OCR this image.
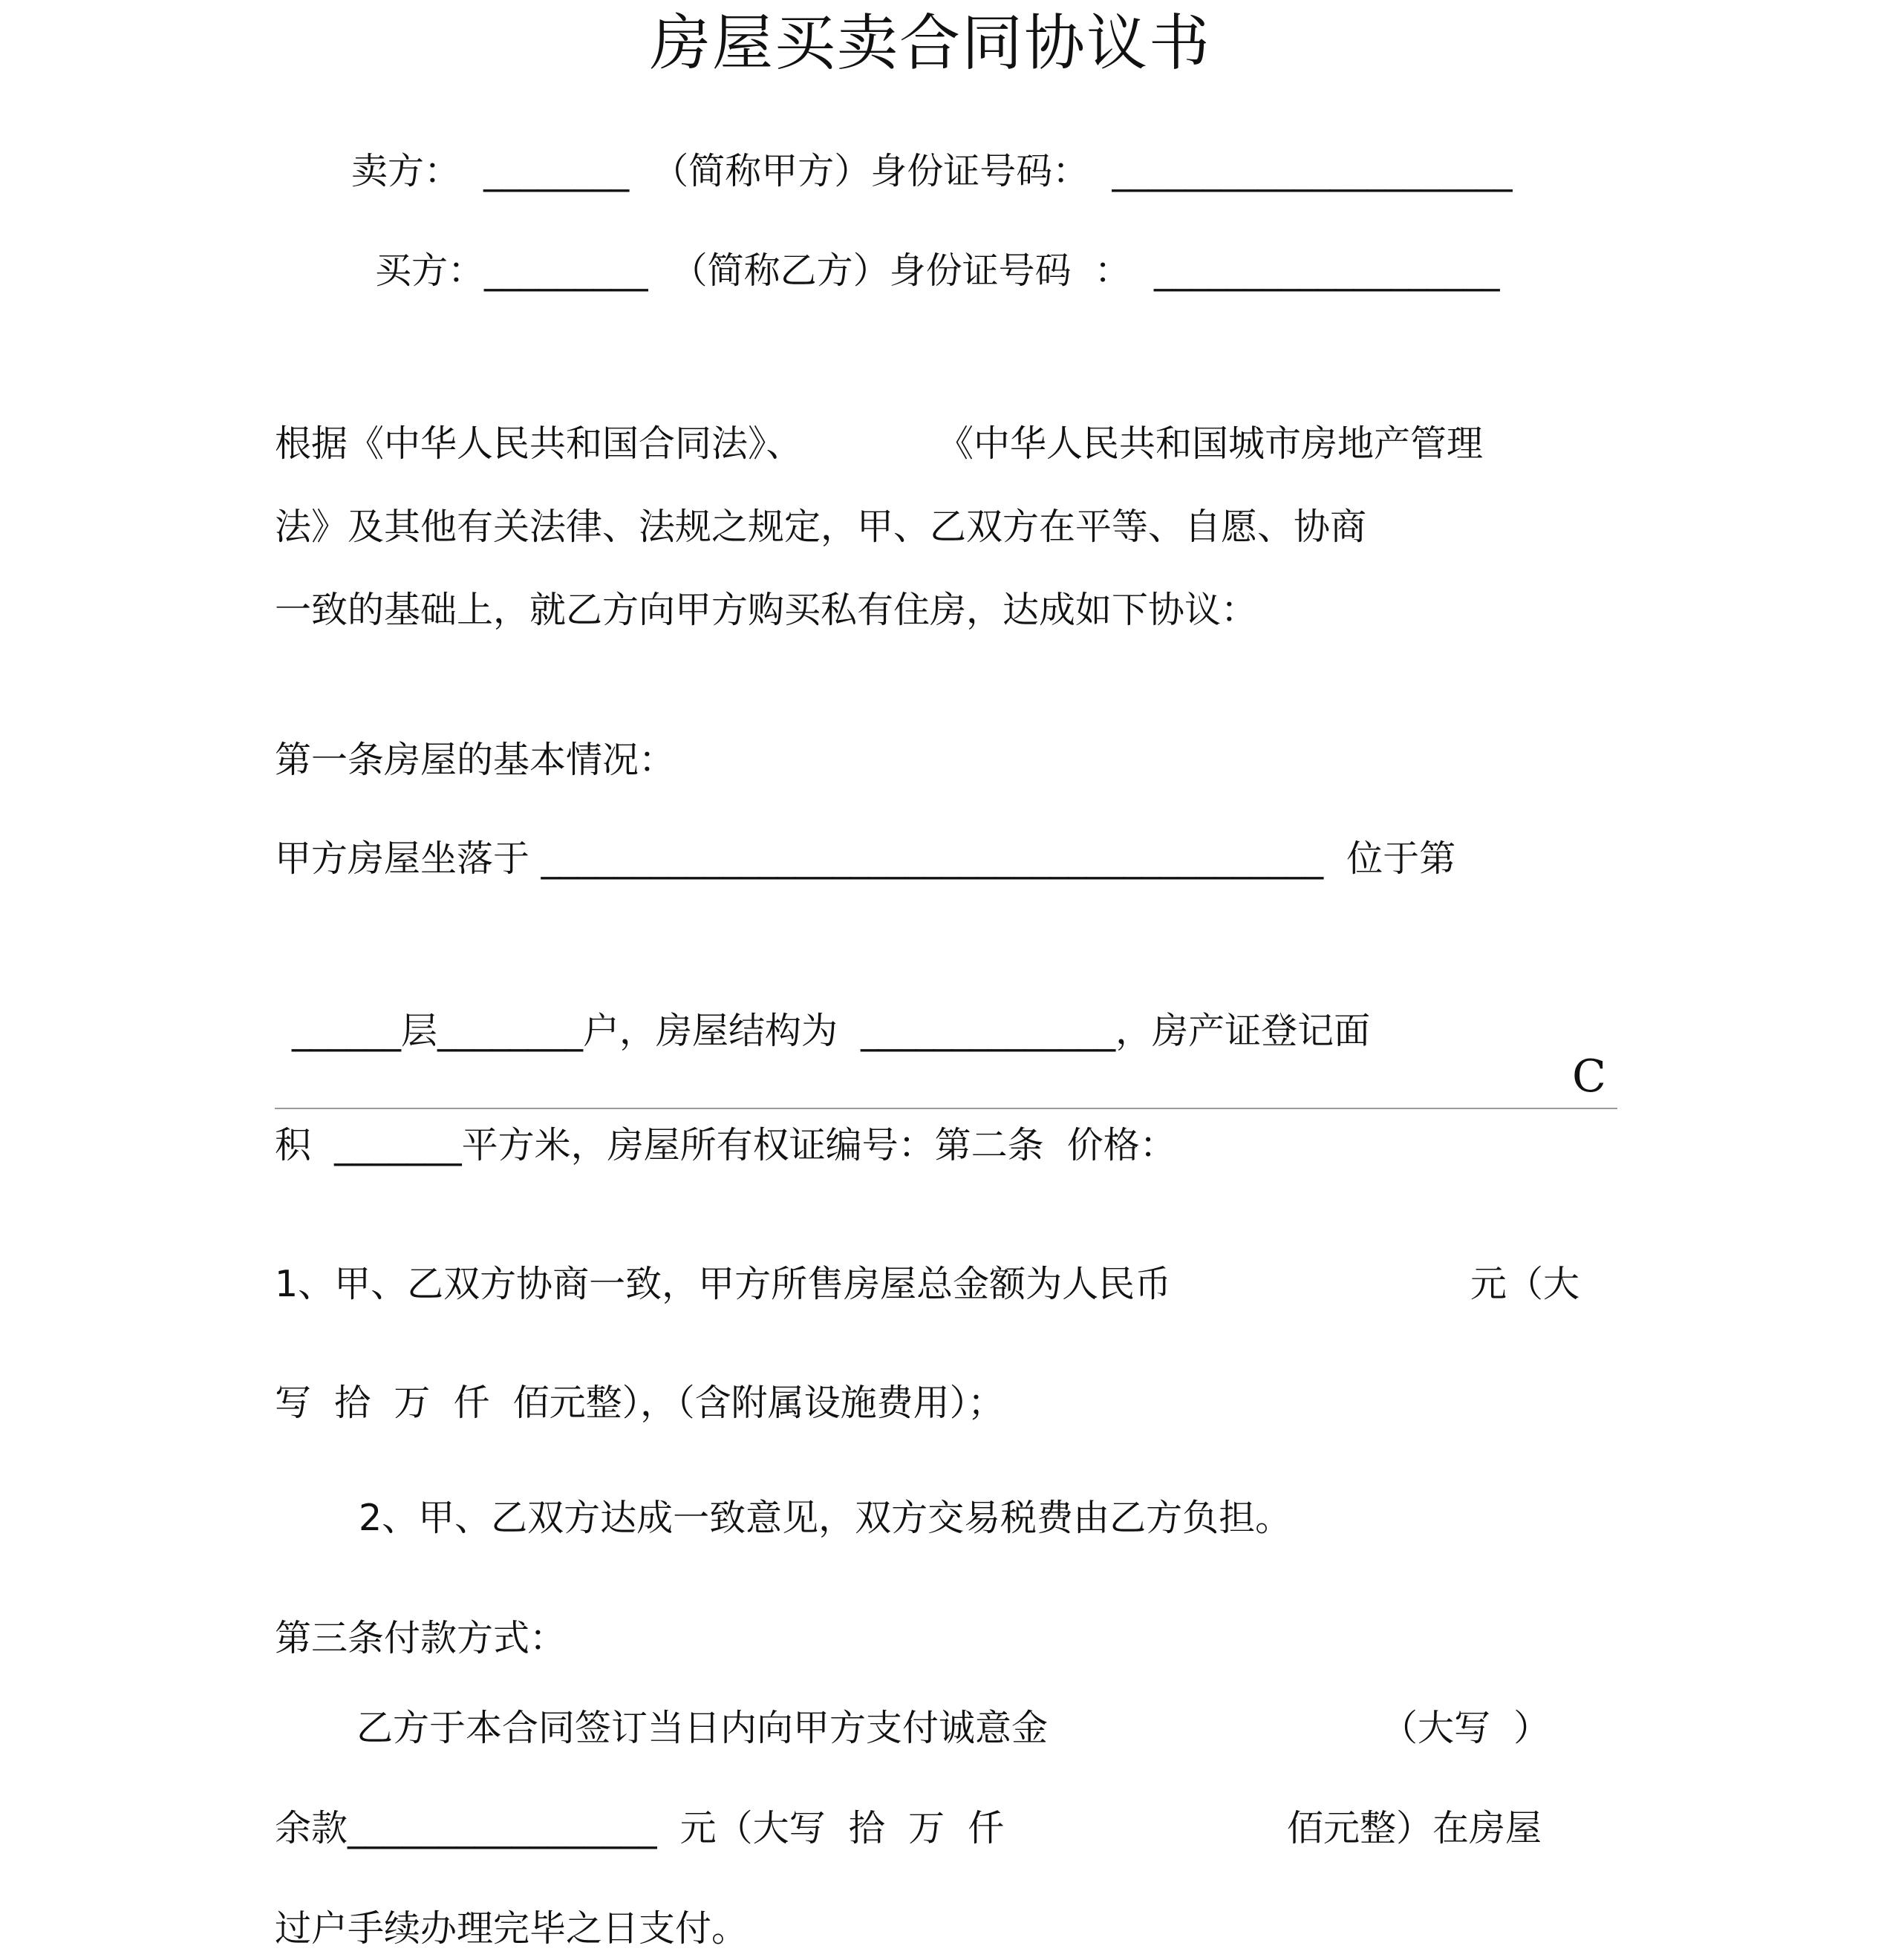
房屋买卖合同协议书
卖方：  ________  （简称甲方）身份证号码：  ______________________
买方：_________  （简称乙方）身份证号码  ：  ___________________
根据《中华人民共和国合同法》、	《中华人民共和国城市房地产管理
法》及其他有关法律、法规之规定，甲、乙双方在平等、自愿、协商
一致的基础上，就乙方向甲方购买私有住房，达成如下协议：
第一条房屋的基本情况：
甲方房屋坐落于 ___________________________________________  位于第
______层________户，房屋结构为  ______________，房产证登记面
C
积  _______平方米，房屋所有权证编号：第二条  价格：
1、甲、乙双方协商一致，甲方所售房屋总金额为人民币	元（大
写  拾  万  仟  佰元整），（含附属设施费用）；
2、甲、乙双方达成一致意见，双方交易税费由乙方负担。
第三条付款方式：
乙方于本合同签订当日内向甲方支付诚意金	（大写  ）
余款_________________  元（大写  拾  万  仟	佰元整）在房屋
过户手续办理完毕之日支付。
